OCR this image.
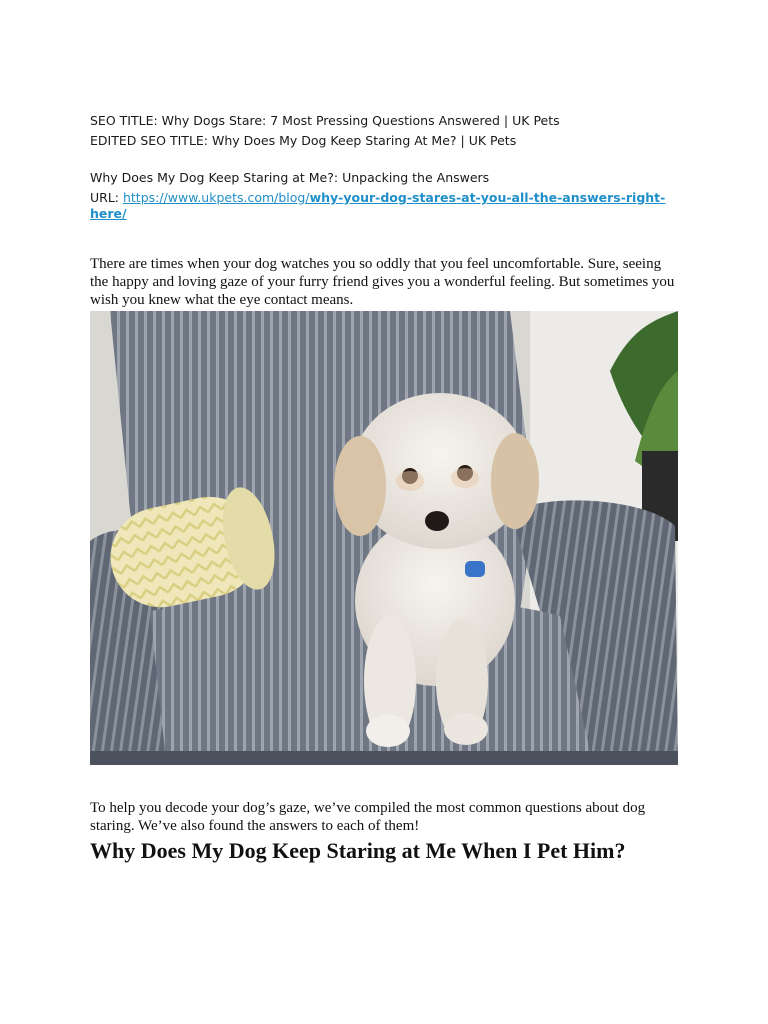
SEO TITLE: Why Dogs Stare: 7 Most Pressing Questions Answered | UK Pets
EDITED SEO TITLE: Why Does My Dog Keep Staring At Me? | UK Pets
Why Does My Dog Keep Staring at Me?: Unpacking the Answers
URL: https://www.ukpets.com/blog/why-your-dog-stares-at-you-all-the-answers-right-here/

There are times when your dog watches you so oddly that you feel uncomfortable. Sure, seeing the happy and loving gaze of your furry friend gives you a wonderful feeling. But sometimes you wish you knew what the eye contact means.

To help you decode your dog’s gaze, we’ve compiled the most common questions about dog staring. We’ve also found the answers to each of them!

Why Does My Dog Keep Staring at Me When I Pet Him?
